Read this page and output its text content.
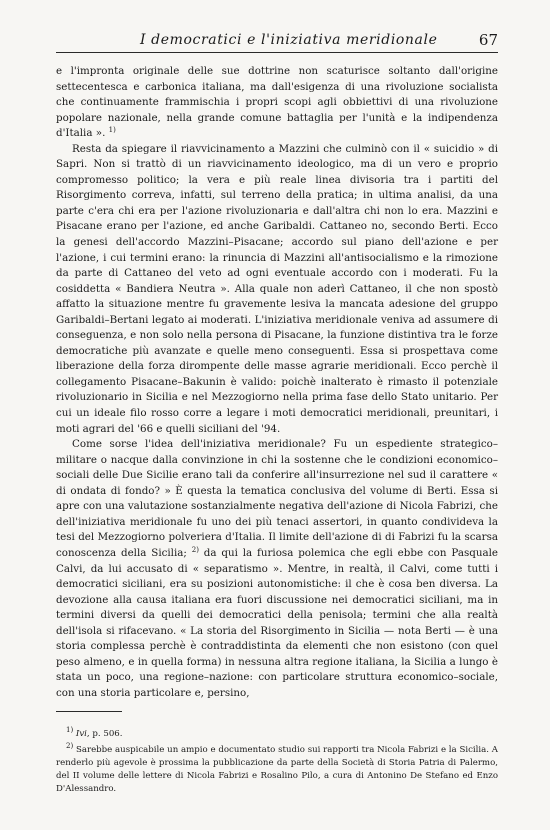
I democratici e l'iniziativa meridionale	67

e l'impronta originale delle sue dottrine non scaturisce soltanto dall'origine settecentesca e carbonica italiana, ma dall'esigenza di una rivoluzione socialista che continuamente frammischia i propri scopi agli obbiettivi di una rivoluzione popolare nazionale, nella grande comune battaglia per l'unità e la indipendenza d'Italia ». $^{1)}$

Resta da spiegare il riavvicinamento a Mazzini che culminò con il « suicidio » di Sapri. Non si trattò di un riavvicinamento ideologico, ma di un vero e proprio compromesso politico; la vera e più reale linea divisoria tra i partiti del Risorgimento correva, infatti, sul terreno della pratica; in ultima analisi, da una parte c'era chi era per l'azione rivoluzionaria e dall'altra chi non lo era. Mazzini e Pisacane erano per l'azione, ed anche Garibaldi. Cattaneo no, secondo Berti. Ecco la genesi dell'accordo Mazzini–Pisacane; accordo sul piano dell'azione e per l'azione, i cui termini erano: la rinuncia di Mazzini all'antisocialismo e la rimozione da parte di Cattaneo del veto ad ogni eventuale accordo con i moderati. Fu la cosiddetta « Bandiera Neutra ». Alla quale non aderì Cattaneo, il che non spostò affatto la situazione mentre fu gravemente lesiva la mancata adesione del gruppo Garibaldi–Bertani legato ai moderati. L'iniziativa meridionale veniva ad assumere di conseguenza, e non solo nella persona di Pisacane, la funzione distintiva tra le forze democratiche più avanzate e quelle meno conseguenti. Essa si prospettava come liberazione della forza dirompente delle masse agrarie meridionali. Ecco perchè il collegamento Pisacane–Bakunin è valido: poichè inalterato è rimasto il potenziale rivoluzionario in Sicilia e nel Mezzogiorno nella prima fase dello Stato unitario. Per cui un ideale filo rosso corre a legare i moti democratici meridionali, preunitari, i moti agrari del '66 e quelli siciliani del '94.

Come sorse l'idea dell'iniziativa meridionale? Fu un espediente strategico–militare o nacque dalla convinzione in chi la sostenne che le condizioni economico–sociali delle Due Sicilie erano tali da conferire all'insurrezione nel sud il carattere « di ondata di fondo? » È questa la tematica conclusiva del volume di Berti. Essa si apre con una valutazione sostanzialmente negativa dell'azione di Nicola Fabrizi, che dell'iniziativa meridionale fu uno dei più tenaci assertori, in quanto condivideva la tesi del Mezzogiorno polveriera d'Italia. Il limite dell'azione di di Fabrizi fu la scarsa conoscenza della Sicilia; $^{2)}$ da qui la furiosa polemica che egli ebbe con Pasquale Calvi, da lui accusato di « separatismo ». Mentre, in realtà, il Calvi, come tutti i democratici siciliani, era su posizioni autonomistiche: il che è cosa ben diversa. La devozione alla causa italiana era fuori discussione nei democratici siciliani, ma in termini diversi da quelli dei democratici della penisola; termini che alla realtà dell'isola si rifacevano. « La storia del Risorgimento in Sicilia — nota Berti — è una storia complessa perchè è contraddistinta da elementi che non esistono (con quel peso almeno, e in quella forma) in nessuna altra regione italiana, la Sicilia a lungo è stata un poco, una regione–nazione: con particolare struttura economico–sociale, con una storia particolare e, persino,

$^{1)}$ Ivi, p. 506.

$^{2)}$ Sarebbe auspicabile un ampio e documentato studio sui rapporti tra Nicola Fabrizi e la Sicilia. A renderlo più agevole è prossima la pubblicazione da parte della Società di Storia Patria di Palermo, del II volume delle lettere di Nicola Fabrizi e Rosalino Pilo, a cura di Antonino De Stefano ed Enzo D'Alessandro.
